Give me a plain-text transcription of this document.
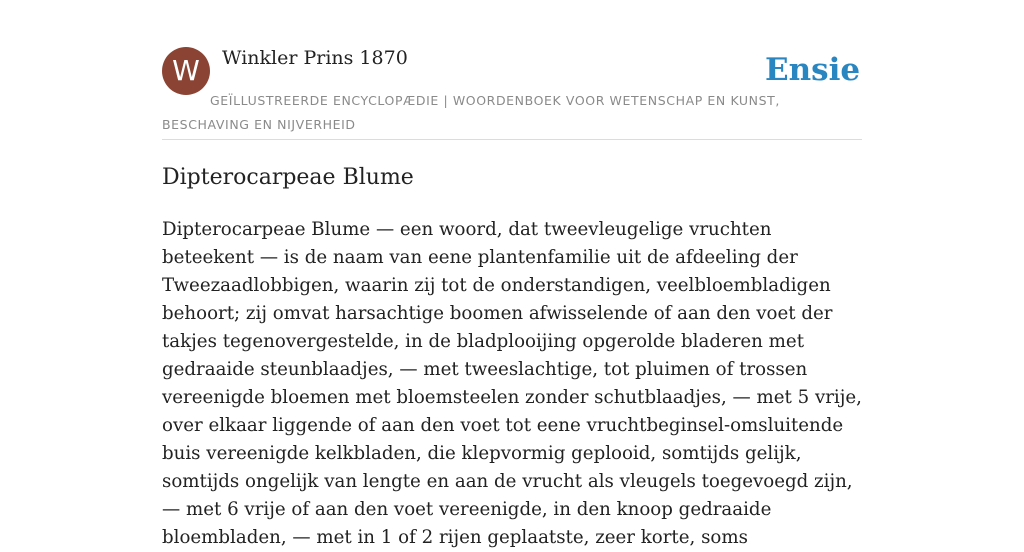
W	Winkler Prins 1870
GEÏLLUSTREERDE ENCYCLOPÆDIE | WOORDENBOEK VOOR WETENSCHAP EN KUNST, BESCHAVING EN NIJVERHEID
Ensie
Dipterocarpeae Blume

Dipterocarpeae Blume — een woord, dat tweevleugelige vruchten beteekent — is de naam van eene plantenfamilie uit de afdeeling der Tweezaadlobbigen, waarin zij tot de onderstandigen, veelbloembladigen behoort; zij omvat harsachtige boomen afwisselende of aan den voet der takjes tegenovergestelde, in de bladplooijing opgerolde bladeren met gedraaide steunblaadjes, — met tweeslachtige, tot pluimen of trossen vereenigde bloemen met bloemsteelen zonder schutblaadjes, — met 5 vrije, over elkaar liggende of aan den voet tot eene vruchtbeginsel-omsluitende buis vereenigde kelkbladen, die klepvormig geplooid, somtijds gelijk, somtijds ongelijk van lengte en aan de vrucht als vleugels toegevoegd zijn, — met 6 vrije of aan den voet vereenigde, in den knoop gedraaide bloembladen, — met in 1 of 2 rijen geplaatste, zeer korte, soms
